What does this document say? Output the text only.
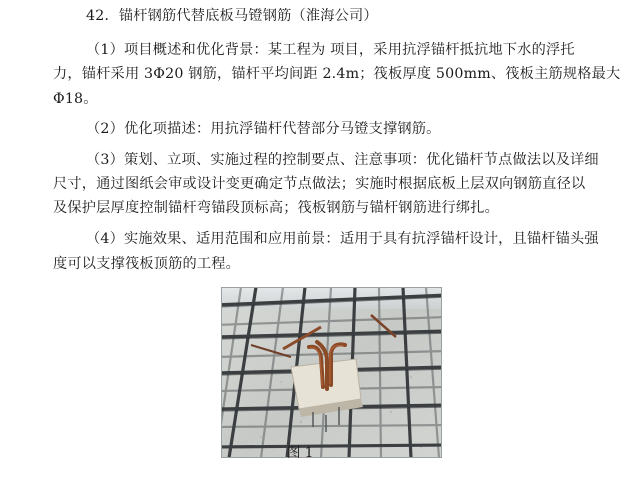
42．锚杆钢筋代替底板马镫钢筋（淮海公司）
（1）项目概述和优化背景：某工程为 项目，采用抗浮锚杆抵抗地下水的浮托
力，锚杆采用 3Φ20 钢筋，锚杆平均间距 2.4m；筏板厚度 500mm、筏板主筋规格最大
Φ18。
（2）优化项描述：用抗浮锚杆代替部分马镫支撑钢筋。
（3）策划、立项、实施过程的控制要点、注意事项：优化锚杆节点做法以及详细
尺寸，通过图纸会审或设计变更确定节点做法；实施时根据底板上层双向钢筋直径以
及保护层厚度控制锚杆弯锚段顶标高；筏板钢筋与锚杆钢筋进行绑扎。
（4）实施效果、适用范围和应用前景：适用于具有抗浮锚杆设计，且锚杆锚头强
度可以支撑筏板顶筋的工程。
图 1
